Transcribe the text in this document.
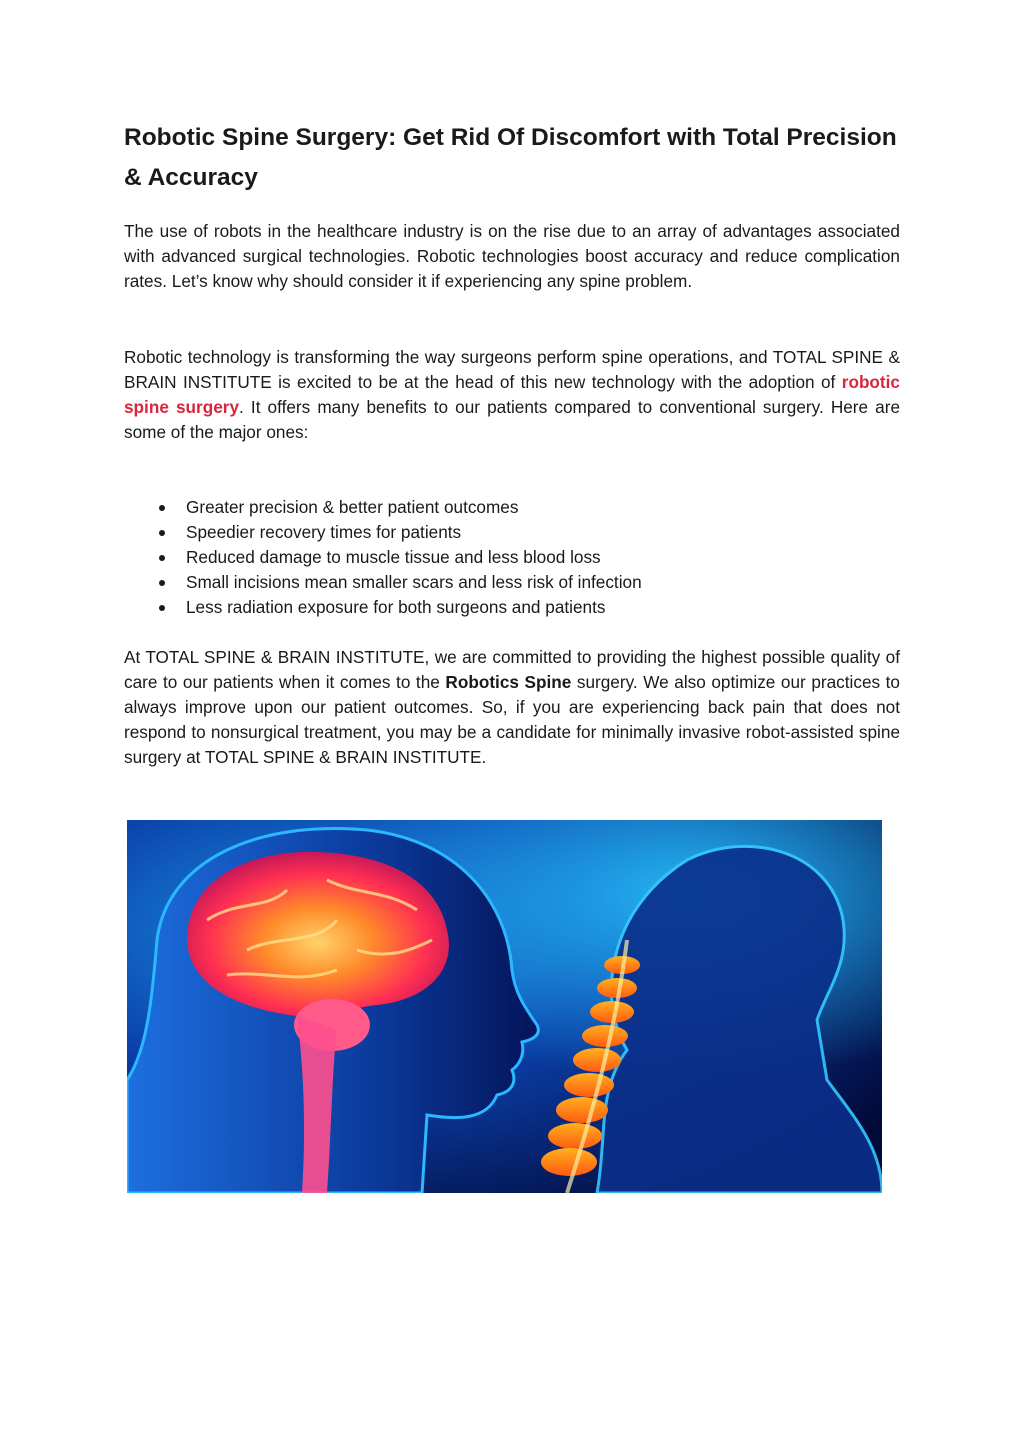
Robotic Spine Surgery: Get Rid Of Discomfort with Total Precision & Accuracy

The use of robots in the healthcare industry is on the rise due to an array of advantages associated with advanced surgical technologies. Robotic technologies boost accuracy and reduce complication rates. Let’s know why should consider it if experiencing any spine problem.

Robotic technology is transforming the way surgeons perform spine operations, and TOTAL SPINE & BRAIN INSTITUTE is excited to be at the head of this new technology with the adoption of robotic spine surgery. It offers many benefits to our patients compared to conventional surgery. Here are some of the major ones:

Greater precision & better patient outcomes
Speedier recovery times for patients
Reduced damage to muscle tissue and less blood loss
Small incisions mean smaller scars and less risk of infection
Less radiation exposure for both surgeons and patients

At TOTAL SPINE & BRAIN INSTITUTE, we are committed to providing the highest possible quality of care to our patients when it comes to the Robotics Spine surgery. We also optimize our practices to always improve upon our patient outcomes. So, if you are experiencing back pain that does not respond to nonsurgical treatment, you may be a candidate for minimally invasive robot-assisted spine surgery at TOTAL SPINE & BRAIN INSTITUTE.
